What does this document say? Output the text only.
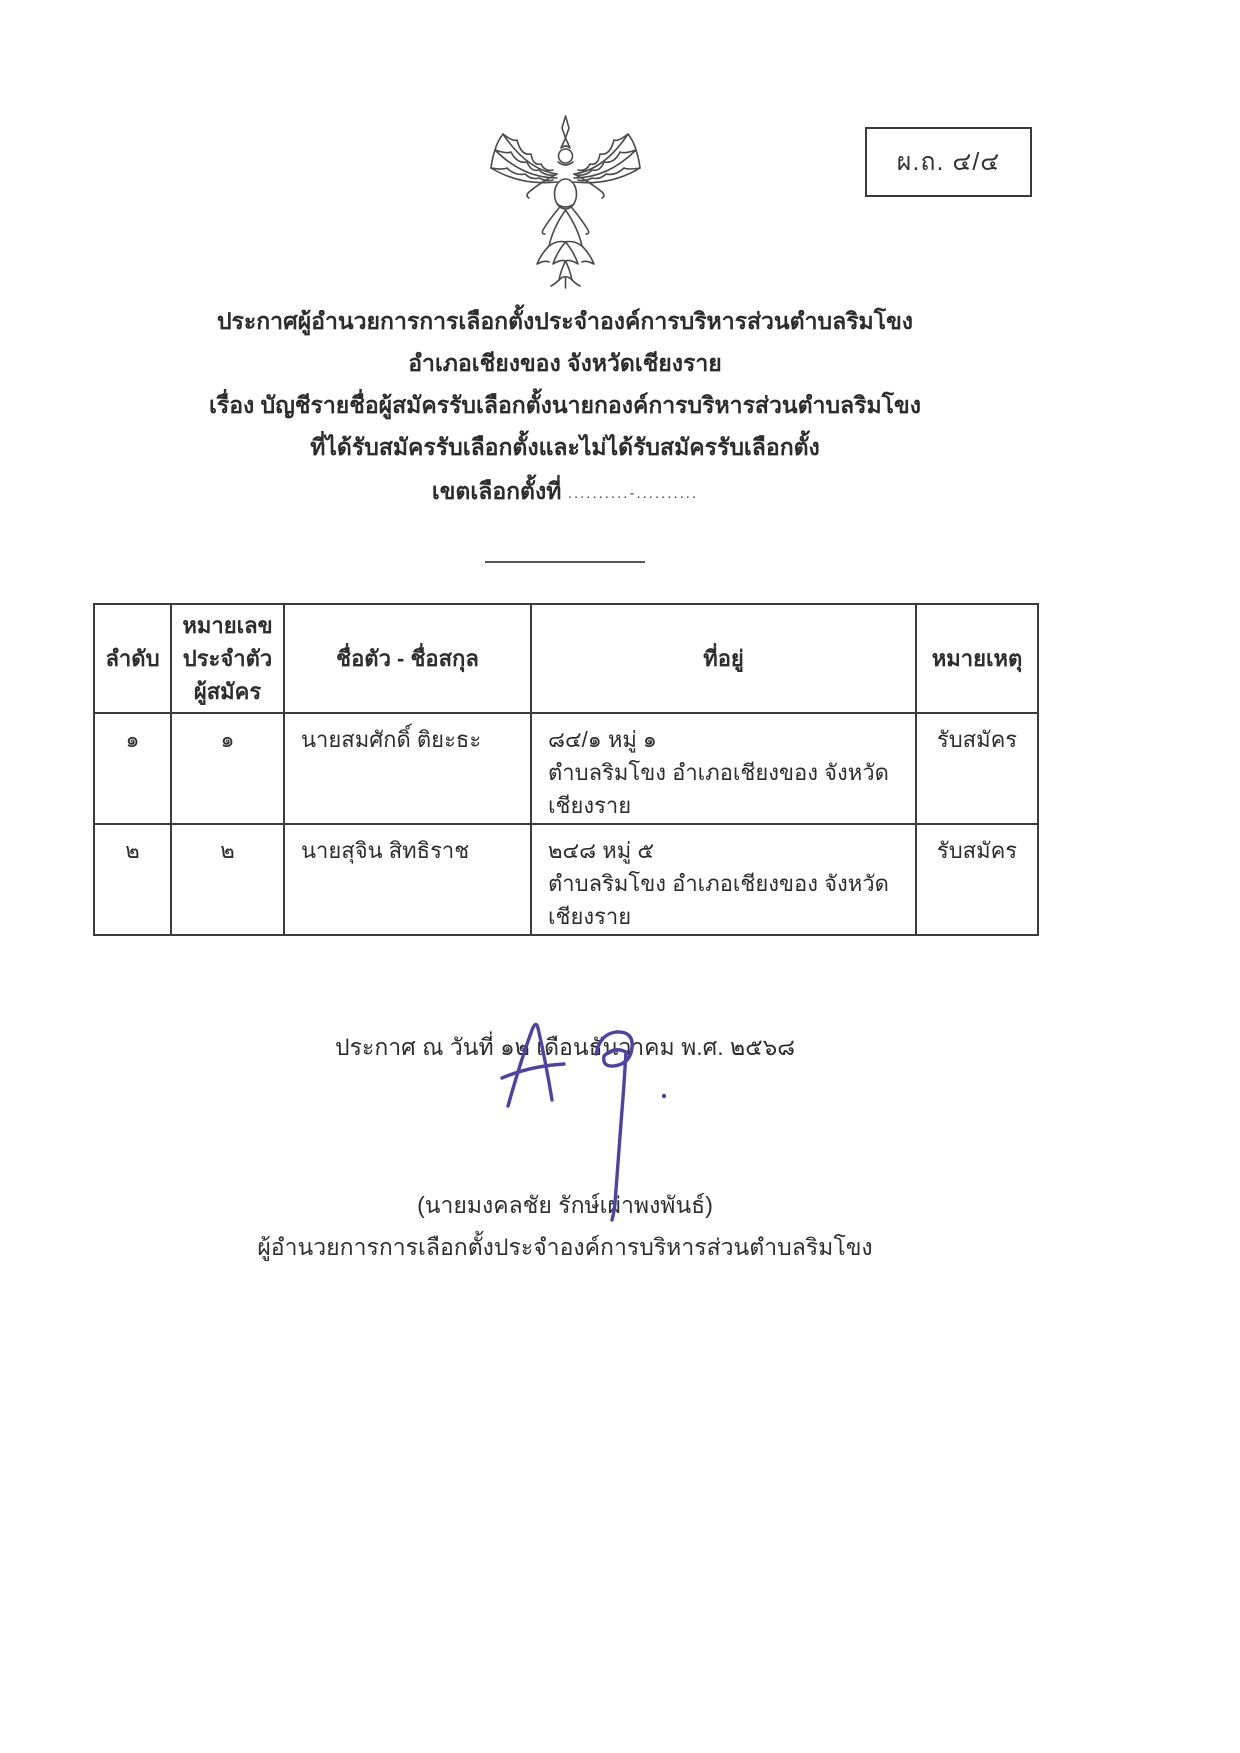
ผ.ถ. ๔/๔
ประกาศผู้อำนวยการการเลือกตั้งประจำองค์การบริหารส่วนตำบลริมโขง
อำเภอเชียงของ จังหวัดเชียงราย
เรื่อง บัญชีรายชื่อผู้สมัครรับเลือกตั้งนายกองค์การบริหารส่วนตำบลริมโขง
ที่ได้รับสมัครรับเลือกตั้งและไม่ได้รับสมัครรับเลือกตั้ง
เขตเลือกตั้งที่ ..........-..........
ลำดับ	หมายเลข ประจำตัว ผู้สมัคร	ชื่อตัว - ชื่อสกุล	ที่อยู่	หมายเหตุ
๑	๑	นายสมศักดิ์ ติยะธะ	๘๔/๑ หมู่ ๑
ตำบลริมโขง อำเภอเชียงของ จังหวัดเชียงราย	รับสมัคร
๒	๒	นายสุจิน สิทธิราช	๒๔๘ หมู่ ๕
ตำบลริมโขง อำเภอเชียงของ จังหวัดเชียงราย	รับสมัคร
ประกาศ ณ วันที่ ๑๒ เดือนธันวาคม พ.ศ. ๒๕๖๘
(นายมงคลชัย รักษ์เผ่าพงพันธ์)
ผู้อำนวยการการเลือกตั้งประจำองค์การบริหารส่วนตำบลริมโขง
